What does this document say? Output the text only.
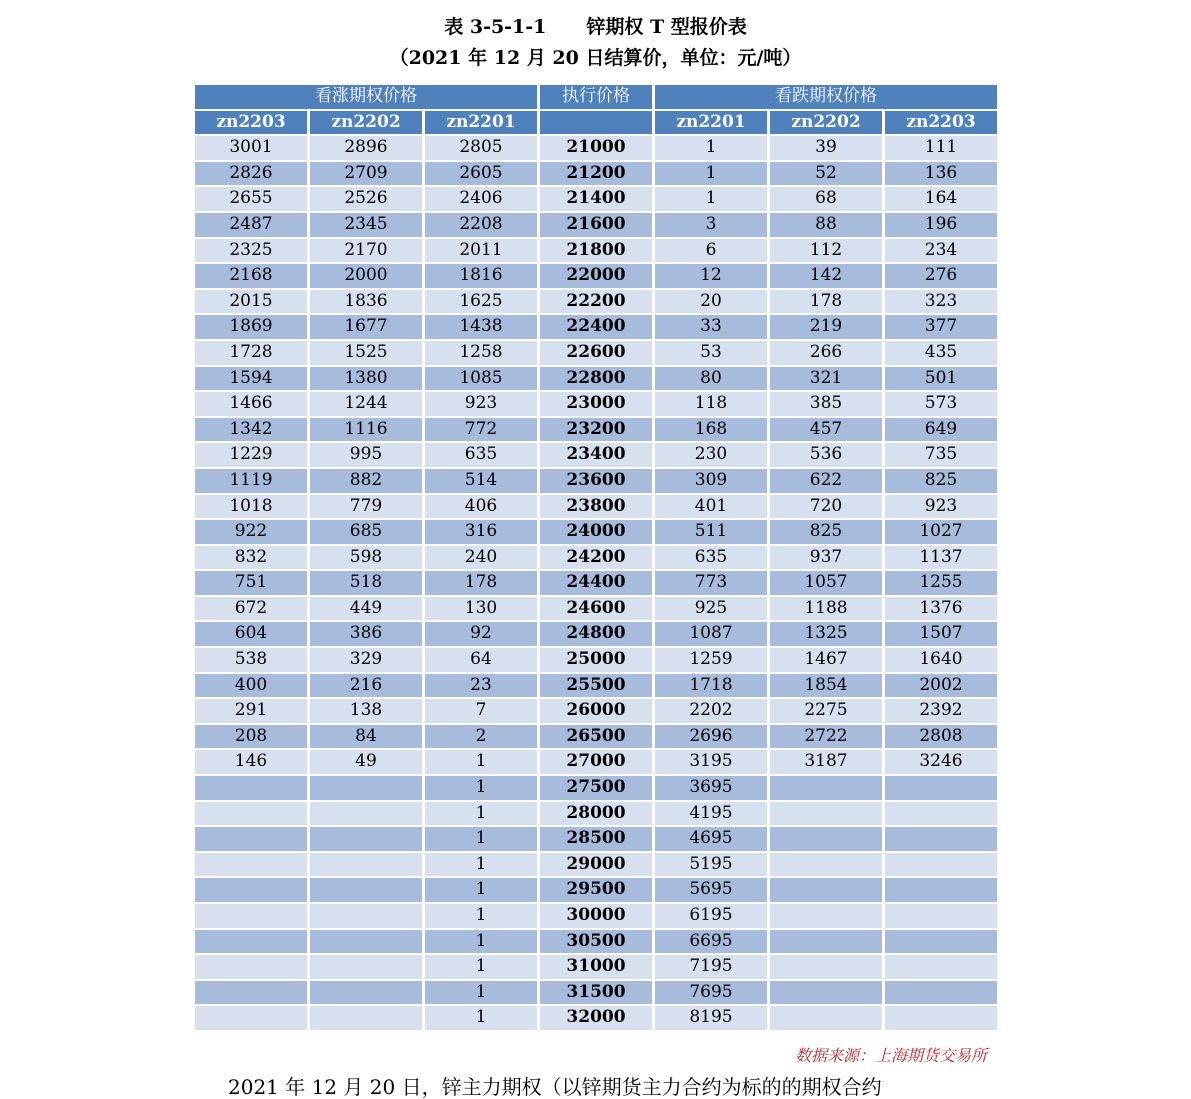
表 3-5-1-1 锌期权 T 型报价表
（2021 年 12 月 20 日结算价，单位：元/吨）
看涨期权价格			执行价格	看跌期权价格		
zn2203	zn2202	zn2201		zn2201	zn2202	zn2203
3001	2896	2805	21000	1	39	111
2826	2709	2605	21200	1	52	136
2655	2526	2406	21400	1	68	164
2487	2345	2208	21600	3	88	196
2325	2170	2011	21800	6	112	234
2168	2000	1816	22000	12	142	276
2015	1836	1625	22200	20	178	323
1869	1677	1438	22400	33	219	377
1728	1525	1258	22600	53	266	435
1594	1380	1085	22800	80	321	501
1466	1244	923	23000	118	385	573
1342	1116	772	23200	168	457	649
1229	995	635	23400	230	536	735
1119	882	514	23600	309	622	825
1018	779	406	23800	401	720	923
922	685	316	24000	511	825	1027
832	598	240	24200	635	937	1137
751	518	178	24400	773	1057	1255
672	449	130	24600	925	1188	1376
604	386	92	24800	1087	1325	1507
538	329	64	25000	1259	1467	1640
400	216	23	25500	1718	1854	2002
291	138	7	26000	2202	2275	2392
208	84	2	26500	2696	2722	2808
146	49	1	27000	3195	3187	3246
		1	27500	3695		
		1	28000	4195		
		1	28500	4695		
		1	29000	5195		
		1	29500	5695		
		1	30000	6195		
		1	30500	6695		
		1	31000	7195		
		1	31500	7695		
		1	32000	8195		
数据来源：上海期货交易所
2021 年 12 月 20 日，锌主力期权（以锌期货主力合约为标的的期权合约
